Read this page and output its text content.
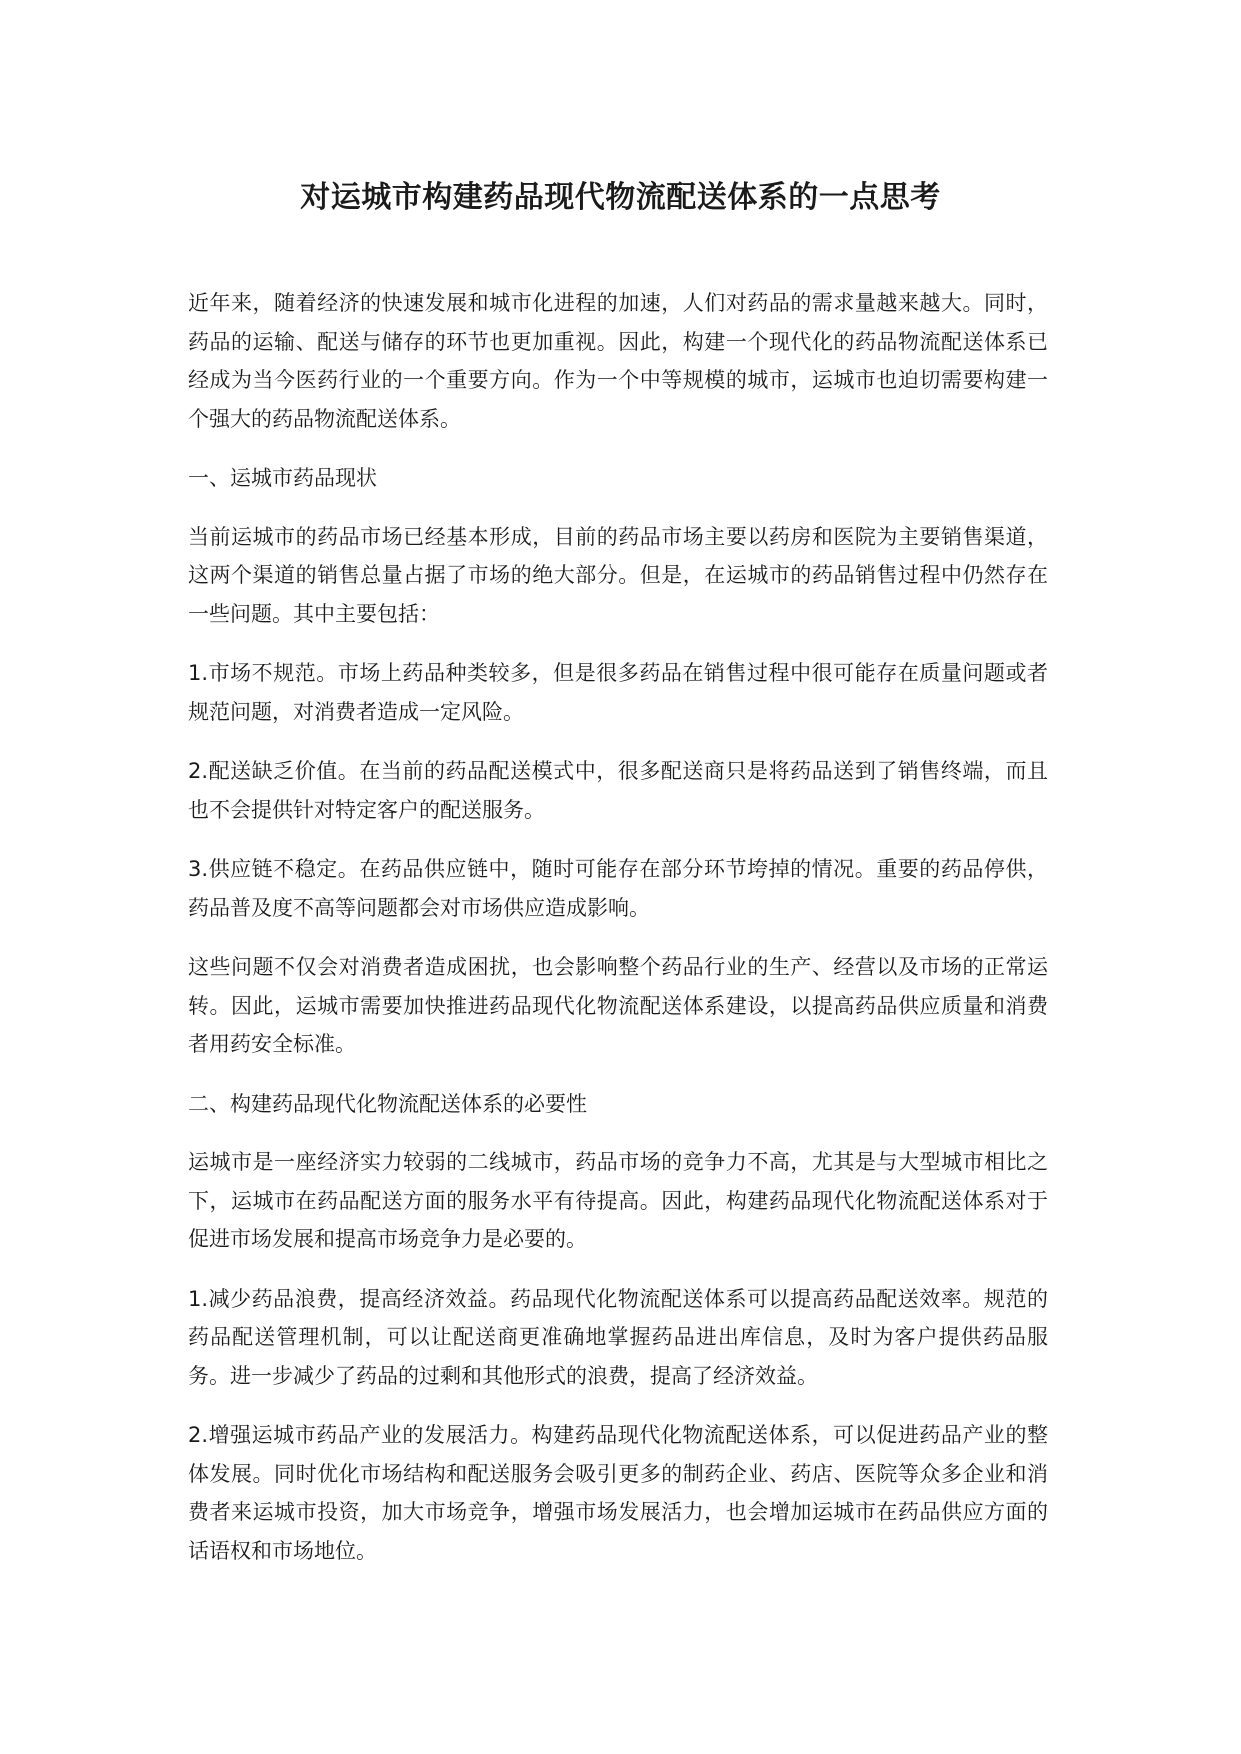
对运城市构建药品现代物流配送体系的一点思考

近年来，随着经济的快速发展和城市化进程的加速，人们对药品的需求量越来越大。同时，药品的运输、配送与储存的环节也更加重视。因此，构建一个现代化的药品物流配送体系已经成为当今医药行业的一个重要方向。作为一个中等规模的城市，运城市也迫切需要构建一个强大的药品物流配送体系。

一、运城市药品现状

当前运城市的药品市场已经基本形成，目前的药品市场主要以药房和医院为主要销售渠道，这两个渠道的销售总量占据了市场的绝大部分。但是，在运城市的药品销售过程中仍然存在一些问题。其中主要包括：

1.市场不规范。市场上药品种类较多，但是很多药品在销售过程中很可能存在质量问题或者规范问题，对消费者造成一定风险。

2.配送缺乏价值。在当前的药品配送模式中，很多配送商只是将药品送到了销售终端，而且也不会提供针对特定客户的配送服务。

3.供应链不稳定。在药品供应链中，随时可能存在部分环节垮掉的情况。重要的药品停供，药品普及度不高等问题都会对市场供应造成影响。

这些问题不仅会对消费者造成困扰，也会影响整个药品行业的生产、经营以及市场的正常运转。因此，运城市需要加快推进药品现代化物流配送体系建设，以提高药品供应质量和消费者用药安全标准。

二、构建药品现代化物流配送体系的必要性

运城市是一座经济实力较弱的二线城市，药品市场的竞争力不高，尤其是与大型城市相比之下，运城市在药品配送方面的服务水平有待提高。因此，构建药品现代化物流配送体系对于促进市场发展和提高市场竞争力是必要的。

1.减少药品浪费，提高经济效益。药品现代化物流配送体系可以提高药品配送效率。规范的药品配送管理机制，可以让配送商更准确地掌握药品进出库信息，及时为客户提供药品服务。进一步减少了药品的过剩和其他形式的浪费，提高了经济效益。

2.增强运城市药品产业的发展活力。构建药品现代化物流配送体系，可以促进药品产业的整体发展。同时优化市场结构和配送服务会吸引更多的制药企业、药店、医院等众多企业和消费者来运城市投资，加大市场竞争，增强市场发展活力，也会增加运城市在药品供应方面的话语权和市场地位。
